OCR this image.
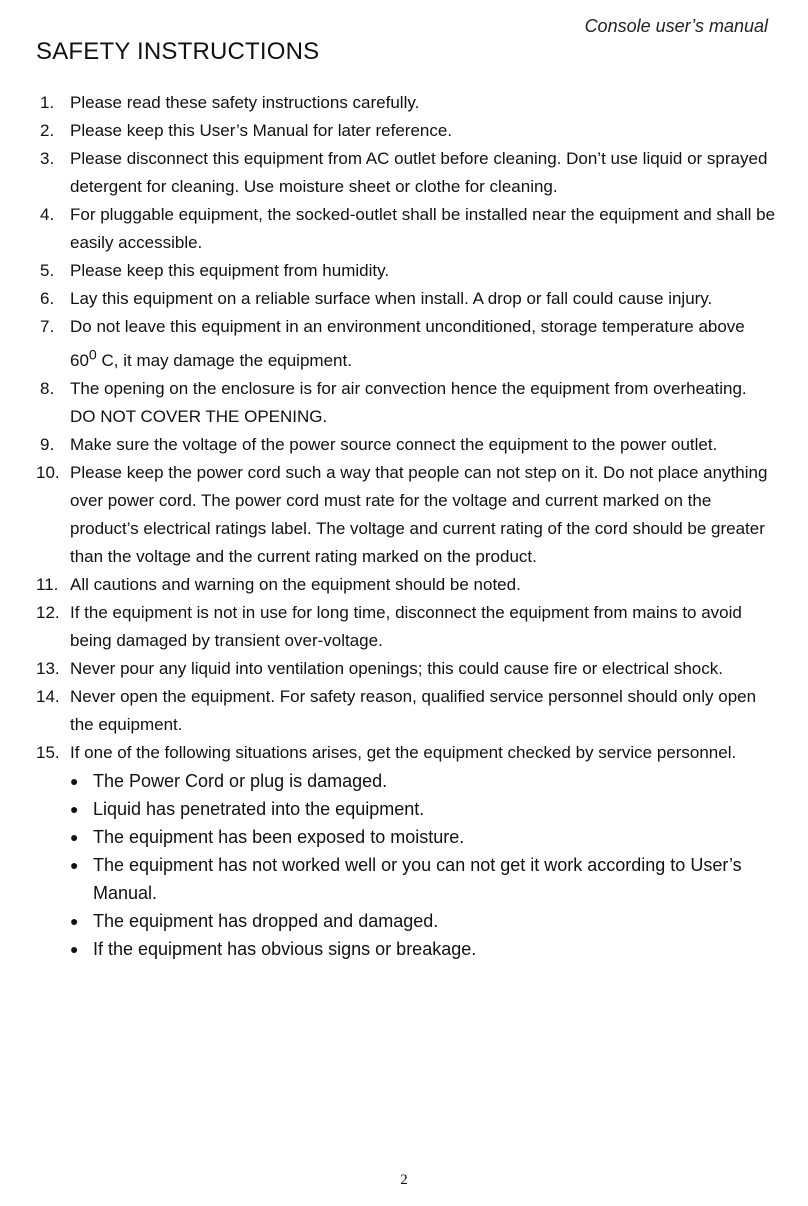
Console user’s manual
SAFETY INSTRUCTIONS
1. Please read these safety instructions carefully.
2. Please keep this User’s Manual for later reference.
3. Please disconnect this equipment from AC outlet before cleaning. Don’t use liquid or sprayed detergent for cleaning. Use moisture sheet or clothe for cleaning.
4. For pluggable equipment, the socked-outlet shall be installed near the equipment and shall be easily accessible.
5. Please keep this equipment from humidity.
6. Lay this equipment on a reliable surface when install. A drop or fall could cause injury.
7. Do not leave this equipment in an environment unconditioned, storage temperature above $60^0$ C, it may damage the equipment.
8. The opening on the enclosure is for air convection hence the equipment from overheating. DO NOT COVER THE OPENING.
9. Make sure the voltage of the power source connect the equipment to the power outlet.
10. Please keep the power cord such a way that people can not step on it. Do not place anything over power cord. The power cord must rate for the voltage and current marked on the product’s electrical ratings label. The voltage and current rating of the cord should be greater than the voltage and the current rating marked on the product.
11. All cautions and warning on the equipment should be noted.
12. If the equipment is not in use for long time, disconnect the equipment from mains to avoid being damaged by transient over-voltage.
13. Never pour any liquid into ventilation openings; this could cause fire or electrical shock.
14. Never open the equipment. For safety reason, qualified service personnel should only open the equipment.
15. If one of the following situations arises, get the equipment checked by service personnel.
● The Power Cord or plug is damaged.
● Liquid has penetrated into the equipment.
● The equipment has been exposed to moisture.
● The equipment has not worked well or you can not get it work according to User’s Manual.
● The equipment has dropped and damaged.
● If the equipment has obvious signs or breakage.
2
